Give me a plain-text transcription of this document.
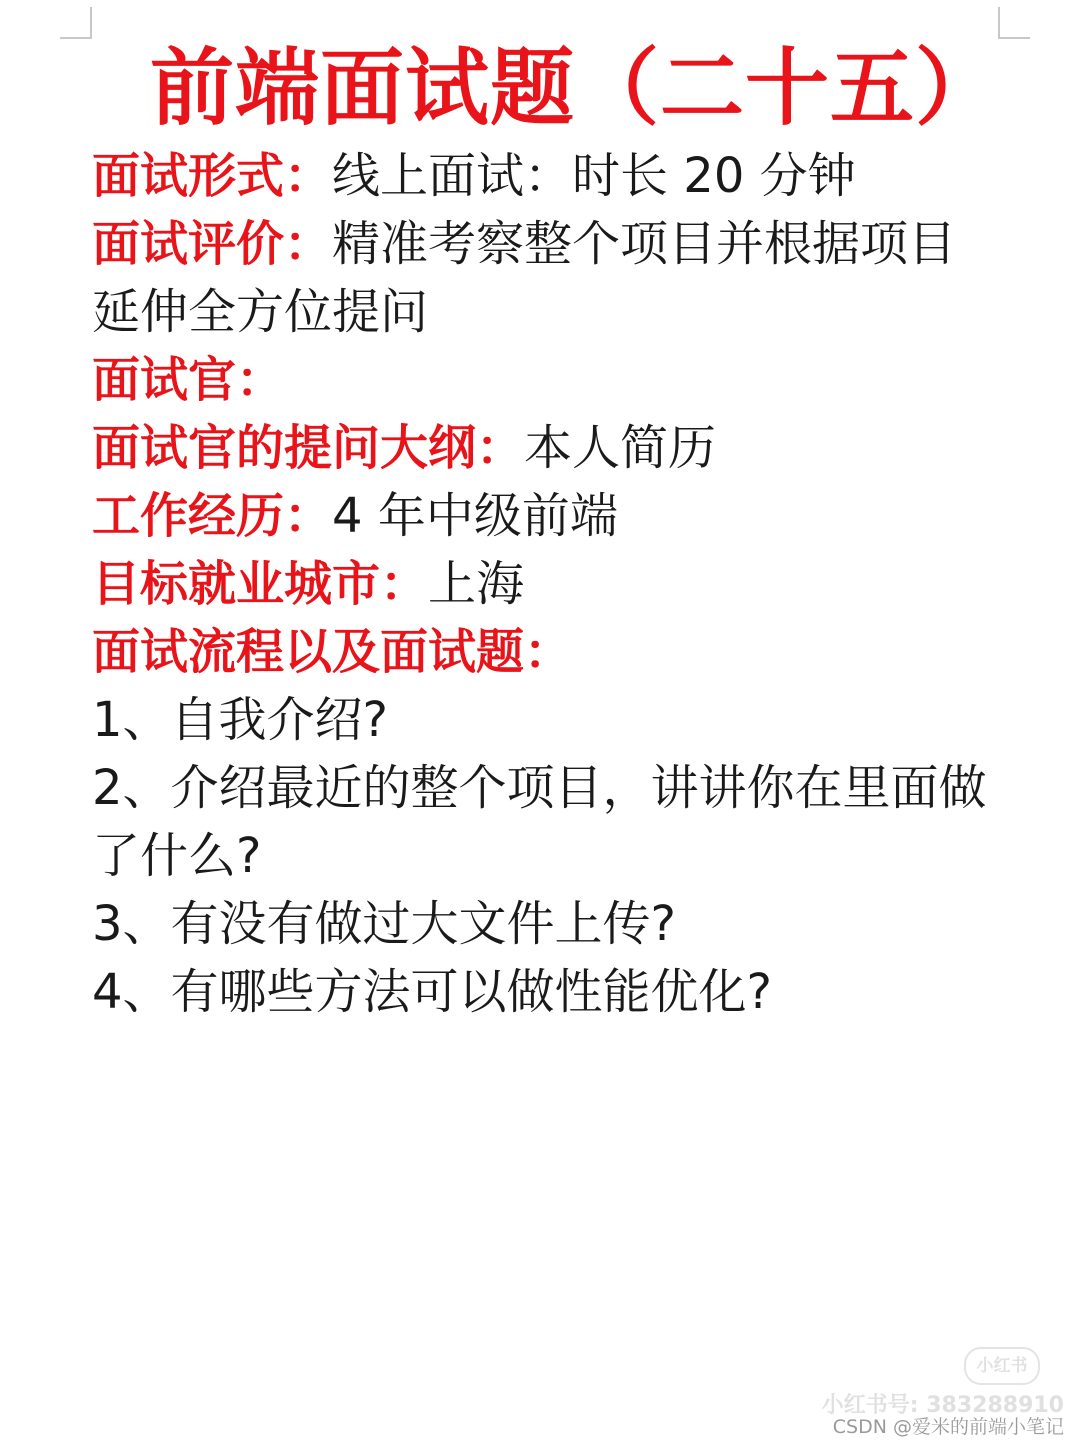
前端面试题（二十五）

面试形式：线上面试：时长 20 分钟

面试评价：精准考察整个项目并根据项目延伸全方位提问

面试官：

面试官的提问大纲：本人简历

工作经历：4 年中级前端

目标就业城市：上海

面试流程以及面试题：

1、自我介绍?

2、介绍最近的整个项目，讲讲你在里面做了什么?

3、有没有做过大文件上传?

4、有哪些方法可以做性能优化?

小红书
小红书号: 383288910
CSDN @爱米的前端小笔记
